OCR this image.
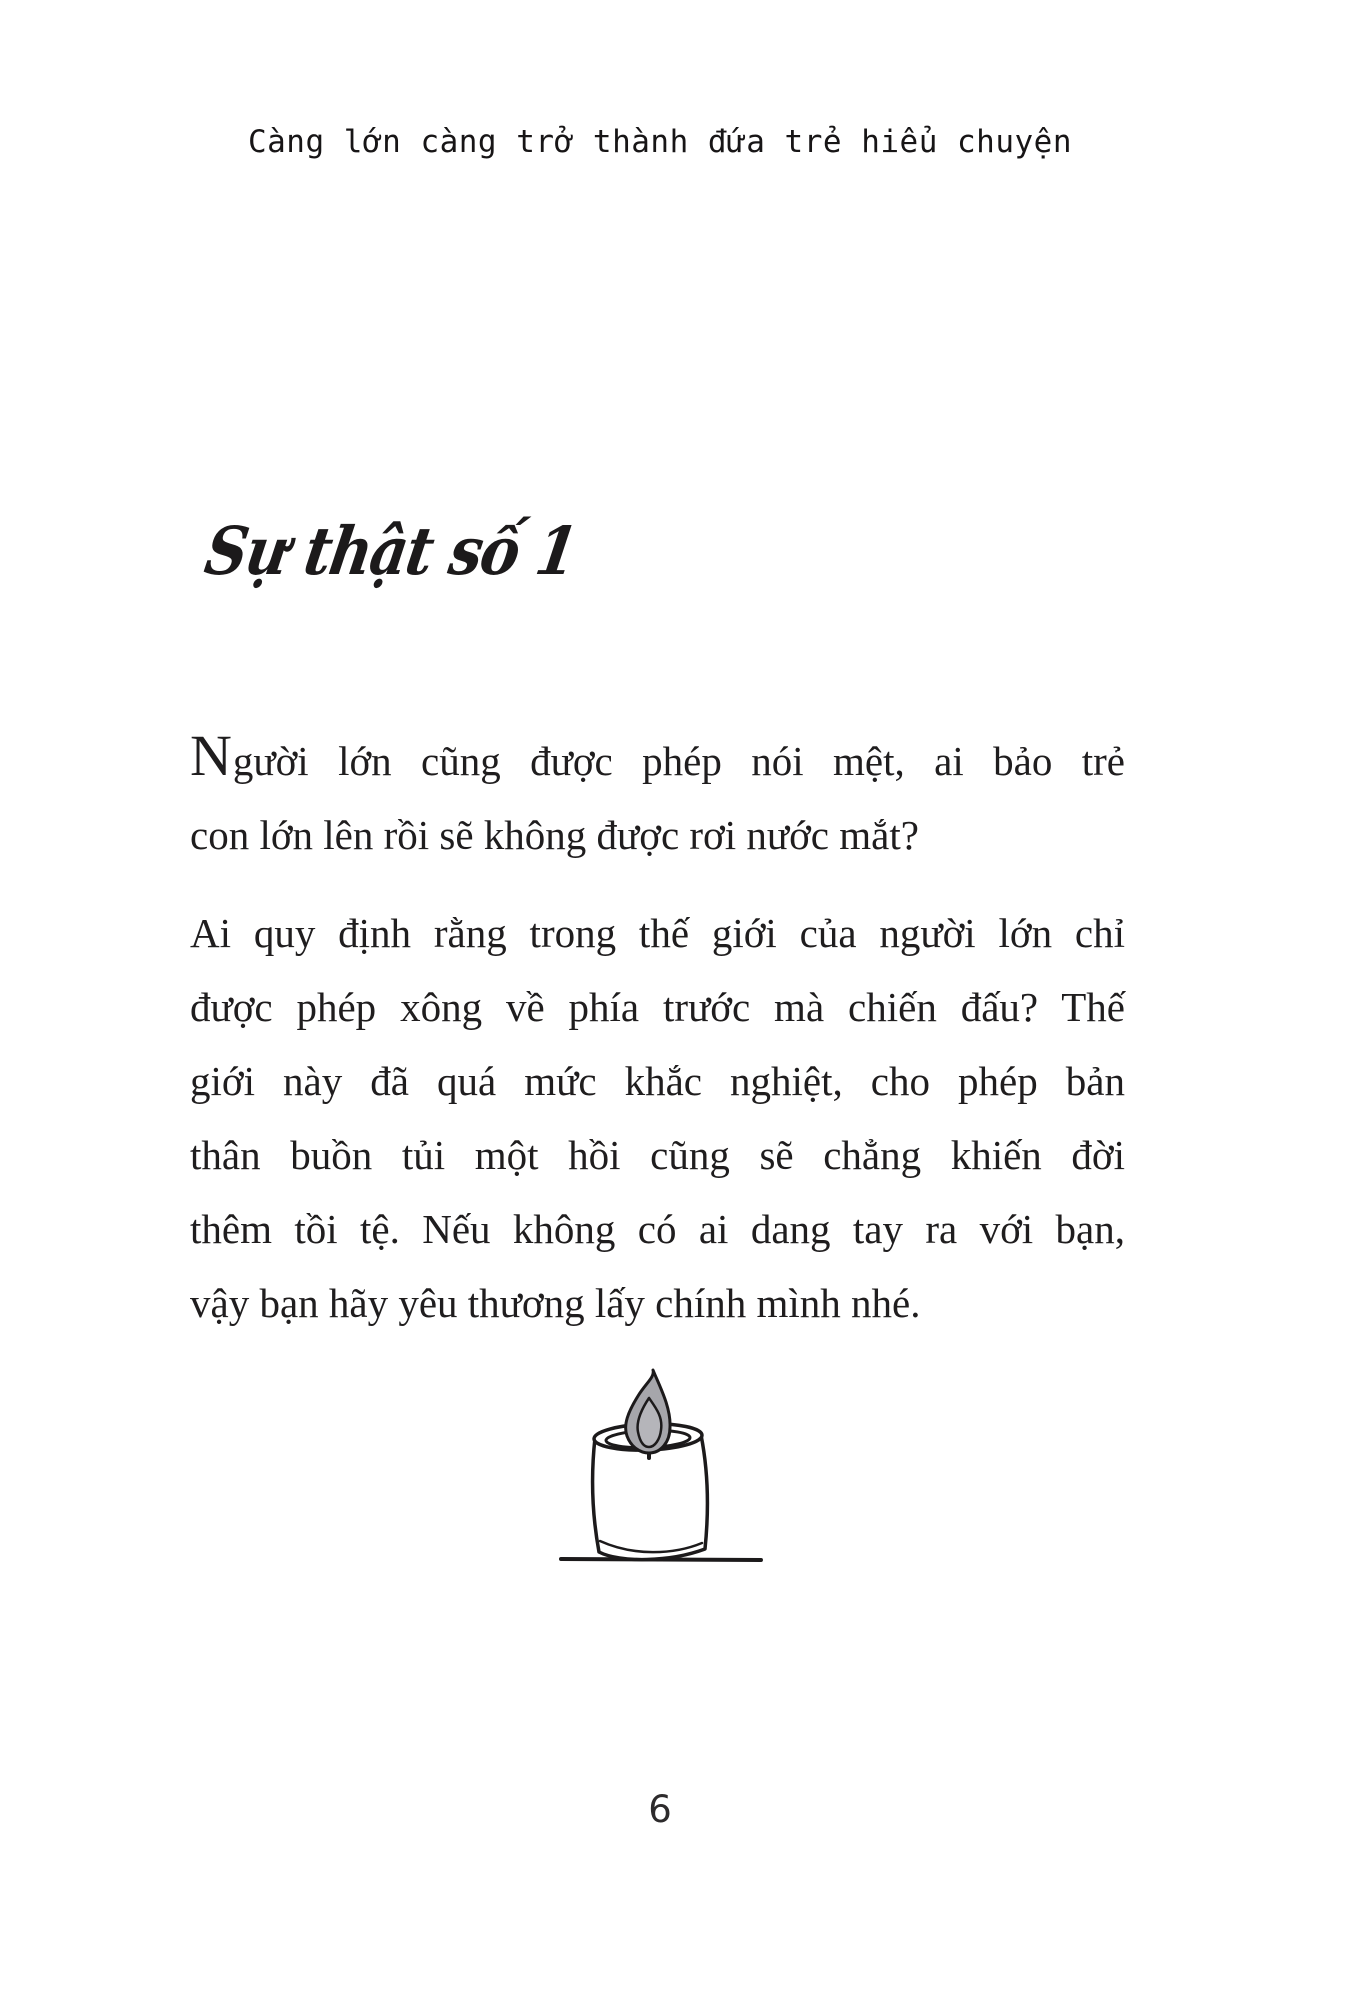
Càng lớn càng trở thành đứa trẻ hiểu chuyện
Sự thật số 1
Người lớn cũng được phép nói mệt, ai bảo trẻ
con lớn lên rồi sẽ không được rơi nước mắt?
Ai quy định rằng trong thế giới của người lớn chỉ
được phép xông về phía trước mà chiến đấu? Thế
giới này đã quá mức khắc nghiệt, cho phép bản
thân buồn tủi một hồi cũng sẽ chẳng khiến đời
thêm tồi tệ. Nếu không có ai dang tay ra với bạn,
vậy bạn hãy yêu thương lấy chính mình nhé.
6
